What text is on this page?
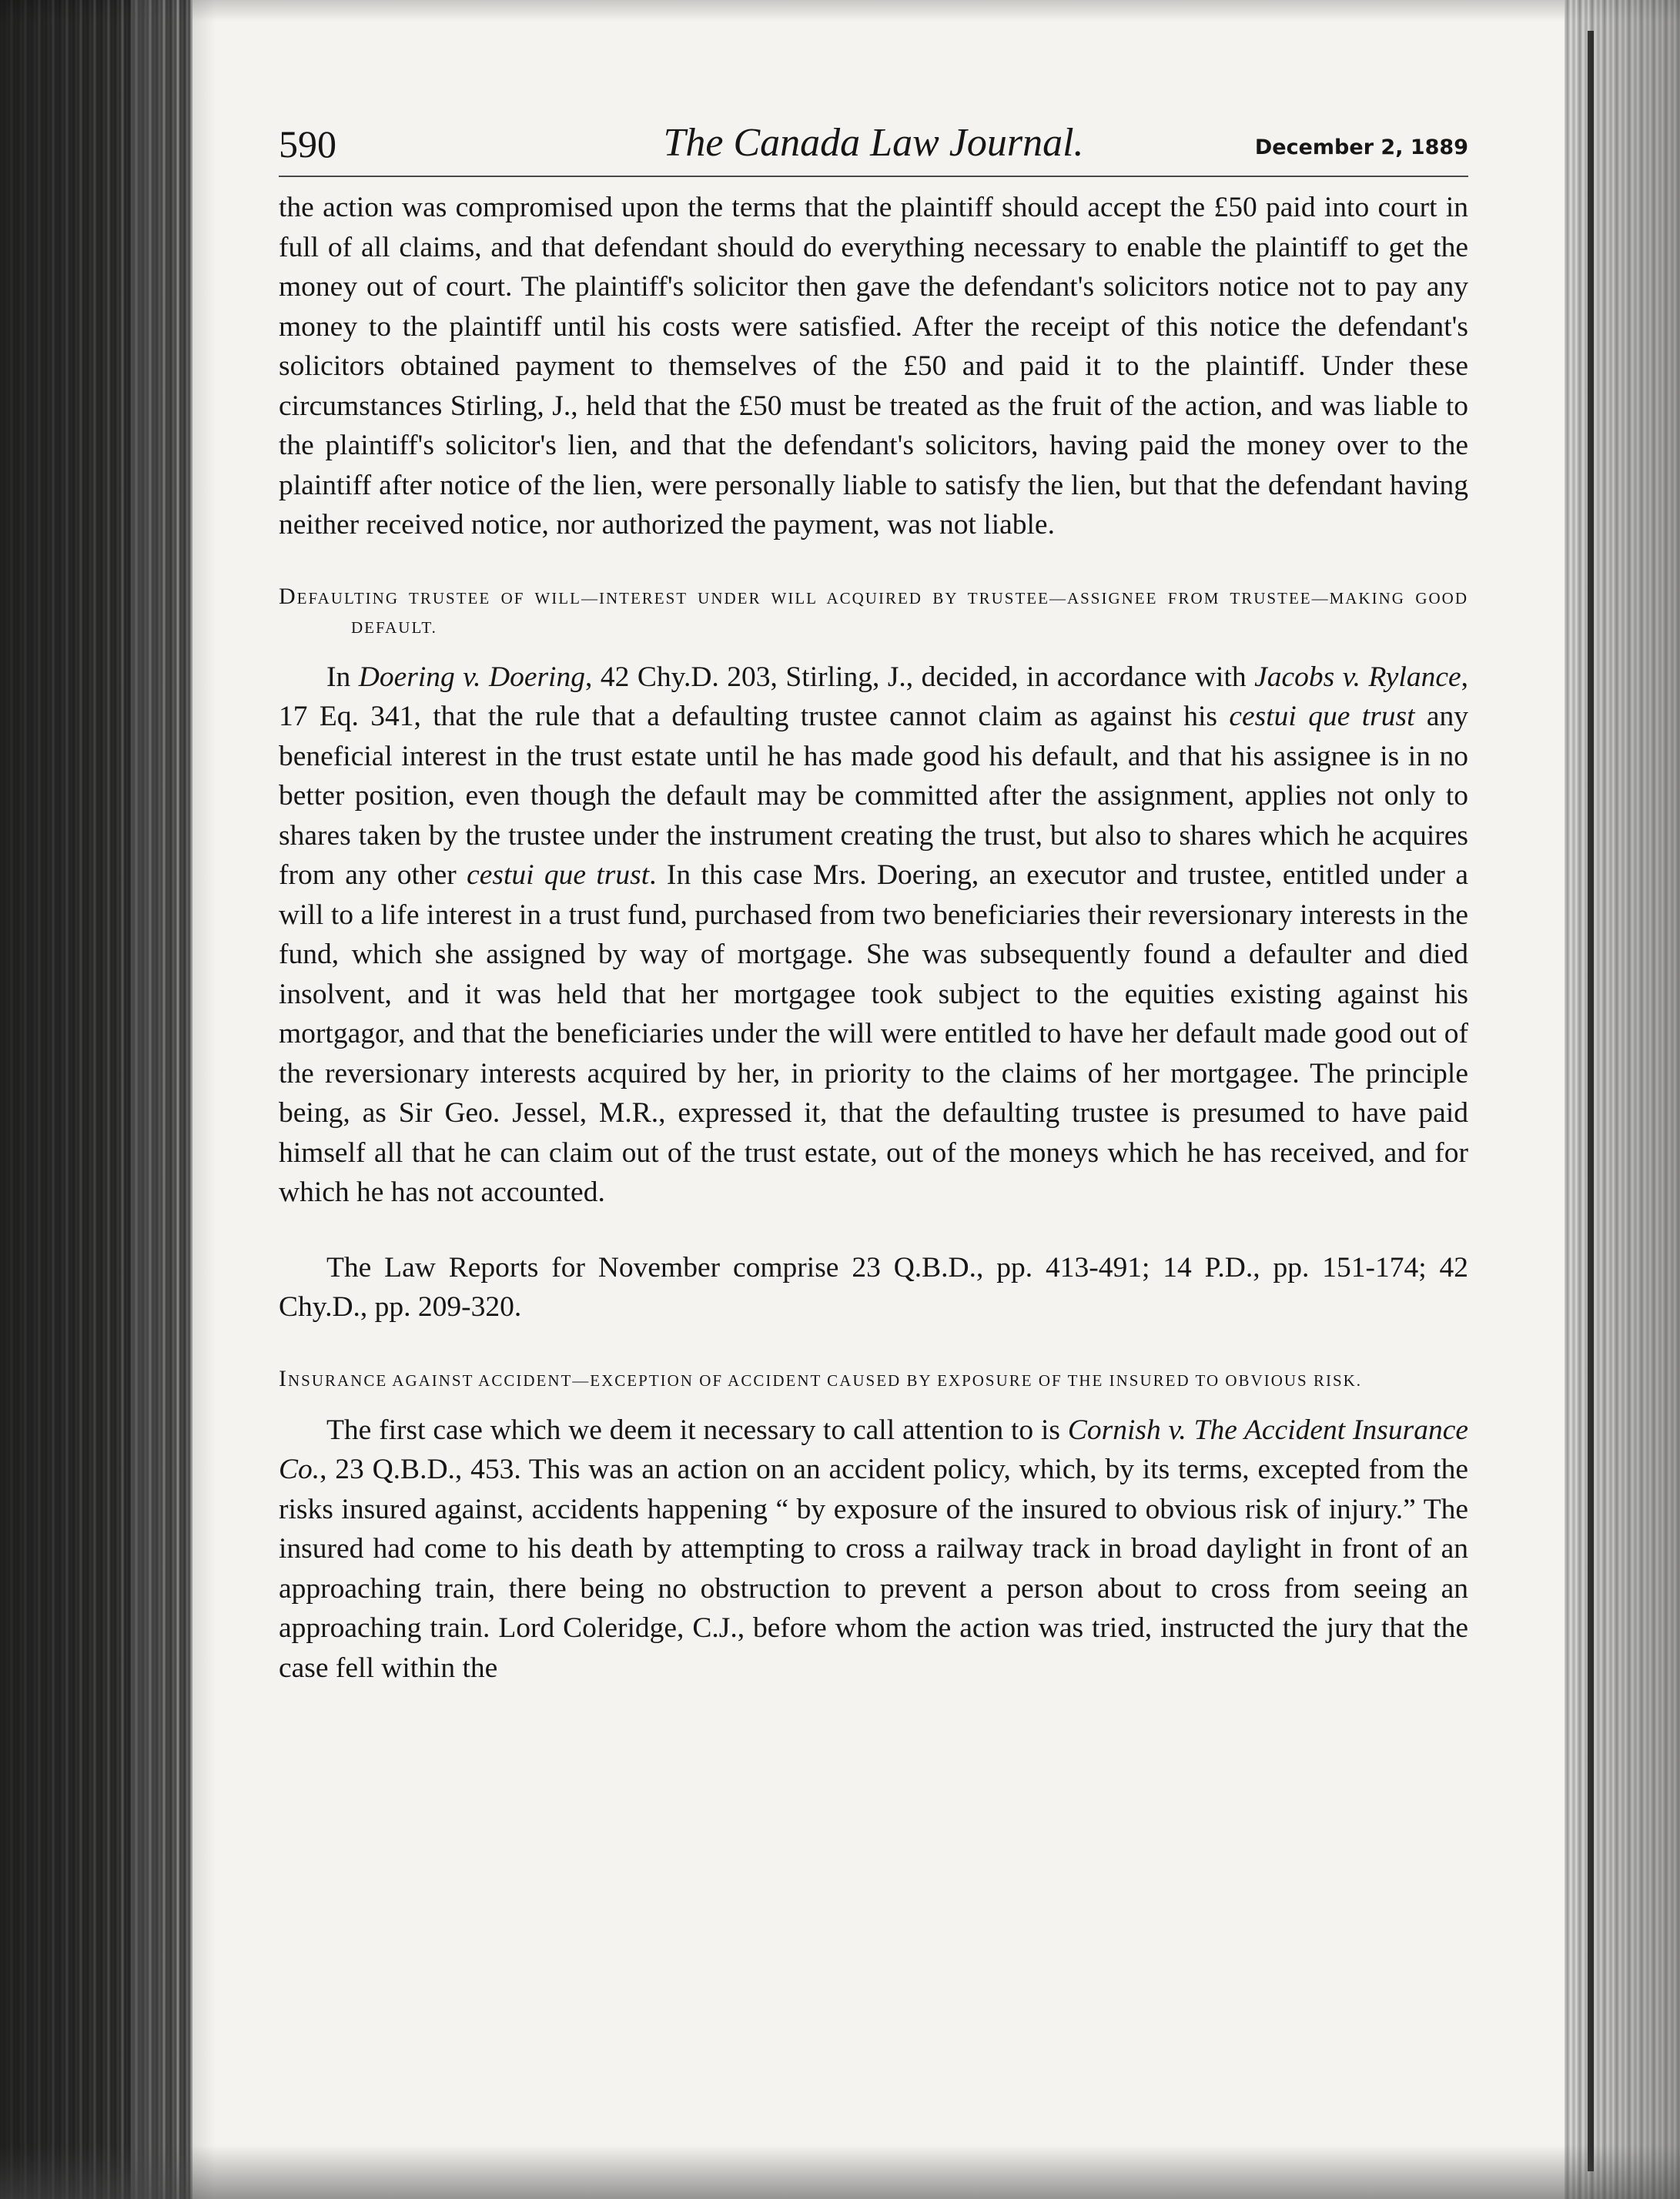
590	The Canada Law Journal.	December 2, 1889

the action was compromised upon the terms that the plaintiff should accept the £50 paid into court in full of all claims, and that defendant should do everything necessary to enable the plaintiff to get the money out of court. The plaintiff's solicitor then gave the defendant's solicitors notice not to pay any money to the plaintiff until his costs were satisfied. After the receipt of this notice the defendant's solicitors obtained payment to themselves of the £50 and paid it to the plaintiff. Under these circumstances Stirling, J., held that the £50 must be treated as the fruit of the action, and was liable to the plaintiff's solicitor's lien, and that the defendant's solicitors, having paid the money over to the plaintiff after notice of the lien, were personally liable to satisfy the lien, but that the defendant having neither received notice, nor authorized the payment, was not liable.

DEFAULTING TRUSTEE OF WILL—INTEREST UNDER WILL ACQUIRED BY TRUSTEE—ASSIGNEE FROM TRUSTEE—MAKING GOOD DEFAULT.

In Doering v. Doering, 42 Chy.D. 203, Stirling, J., decided, in accordance with Jacobs v. Rylance, 17 Eq. 341, that the rule that a defaulting trustee cannot claim as against his cestui que trust any beneficial interest in the trust estate until he has made good his default, and that his assignee is in no better position, even though the default may be committed after the assignment, applies not only to shares taken by the trustee under the instrument creating the trust, but also to shares which he acquires from any other cestui que trust. In this case Mrs. Doering, an executor and trustee, entitled under a will to a life interest in a trust fund, purchased from two beneficiaries their reversionary interests in the fund, which she assigned by way of mortgage. She was subsequently found a defaulter and died insolvent, and it was held that her mortgagee took subject to the equities existing against his mortgagor, and that the beneficiaries under the will were entitled to have her default made good out of the reversionary interests acquired by her, in priority to the claims of her mortgagee. The principle being, as Sir Geo. Jessel, M.R., expressed it, that the defaulting trustee is presumed to have paid himself all that he can claim out of the trust estate, out of the moneys which he has received, and for which he has not accounted.

The Law Reports for November comprise 23 Q.B.D., pp. 413-491; 14 P.D., pp. 151-174; 42 Chy.D., pp. 209-320.

INSURANCE AGAINST ACCIDENT—EXCEPTION OF ACCIDENT CAUSED BY EXPOSURE OF THE INSURED TO OBVIOUS RISK.

The first case which we deem it necessary to call attention to is Cornish v. The Accident Insurance Co., 23 Q.B.D., 453. This was an action on an accident policy, which, by its terms, excepted from the risks insured against, accidents happening “ by exposure of the insured to obvious risk of injury.” The insured had come to his death by attempting to cross a railway track in broad daylight in front of an approaching train, there being no obstruction to prevent a person about to cross from seeing an approaching train. Lord Coleridge, C.J., before whom the action was tried, instructed the jury that the case fell within the
